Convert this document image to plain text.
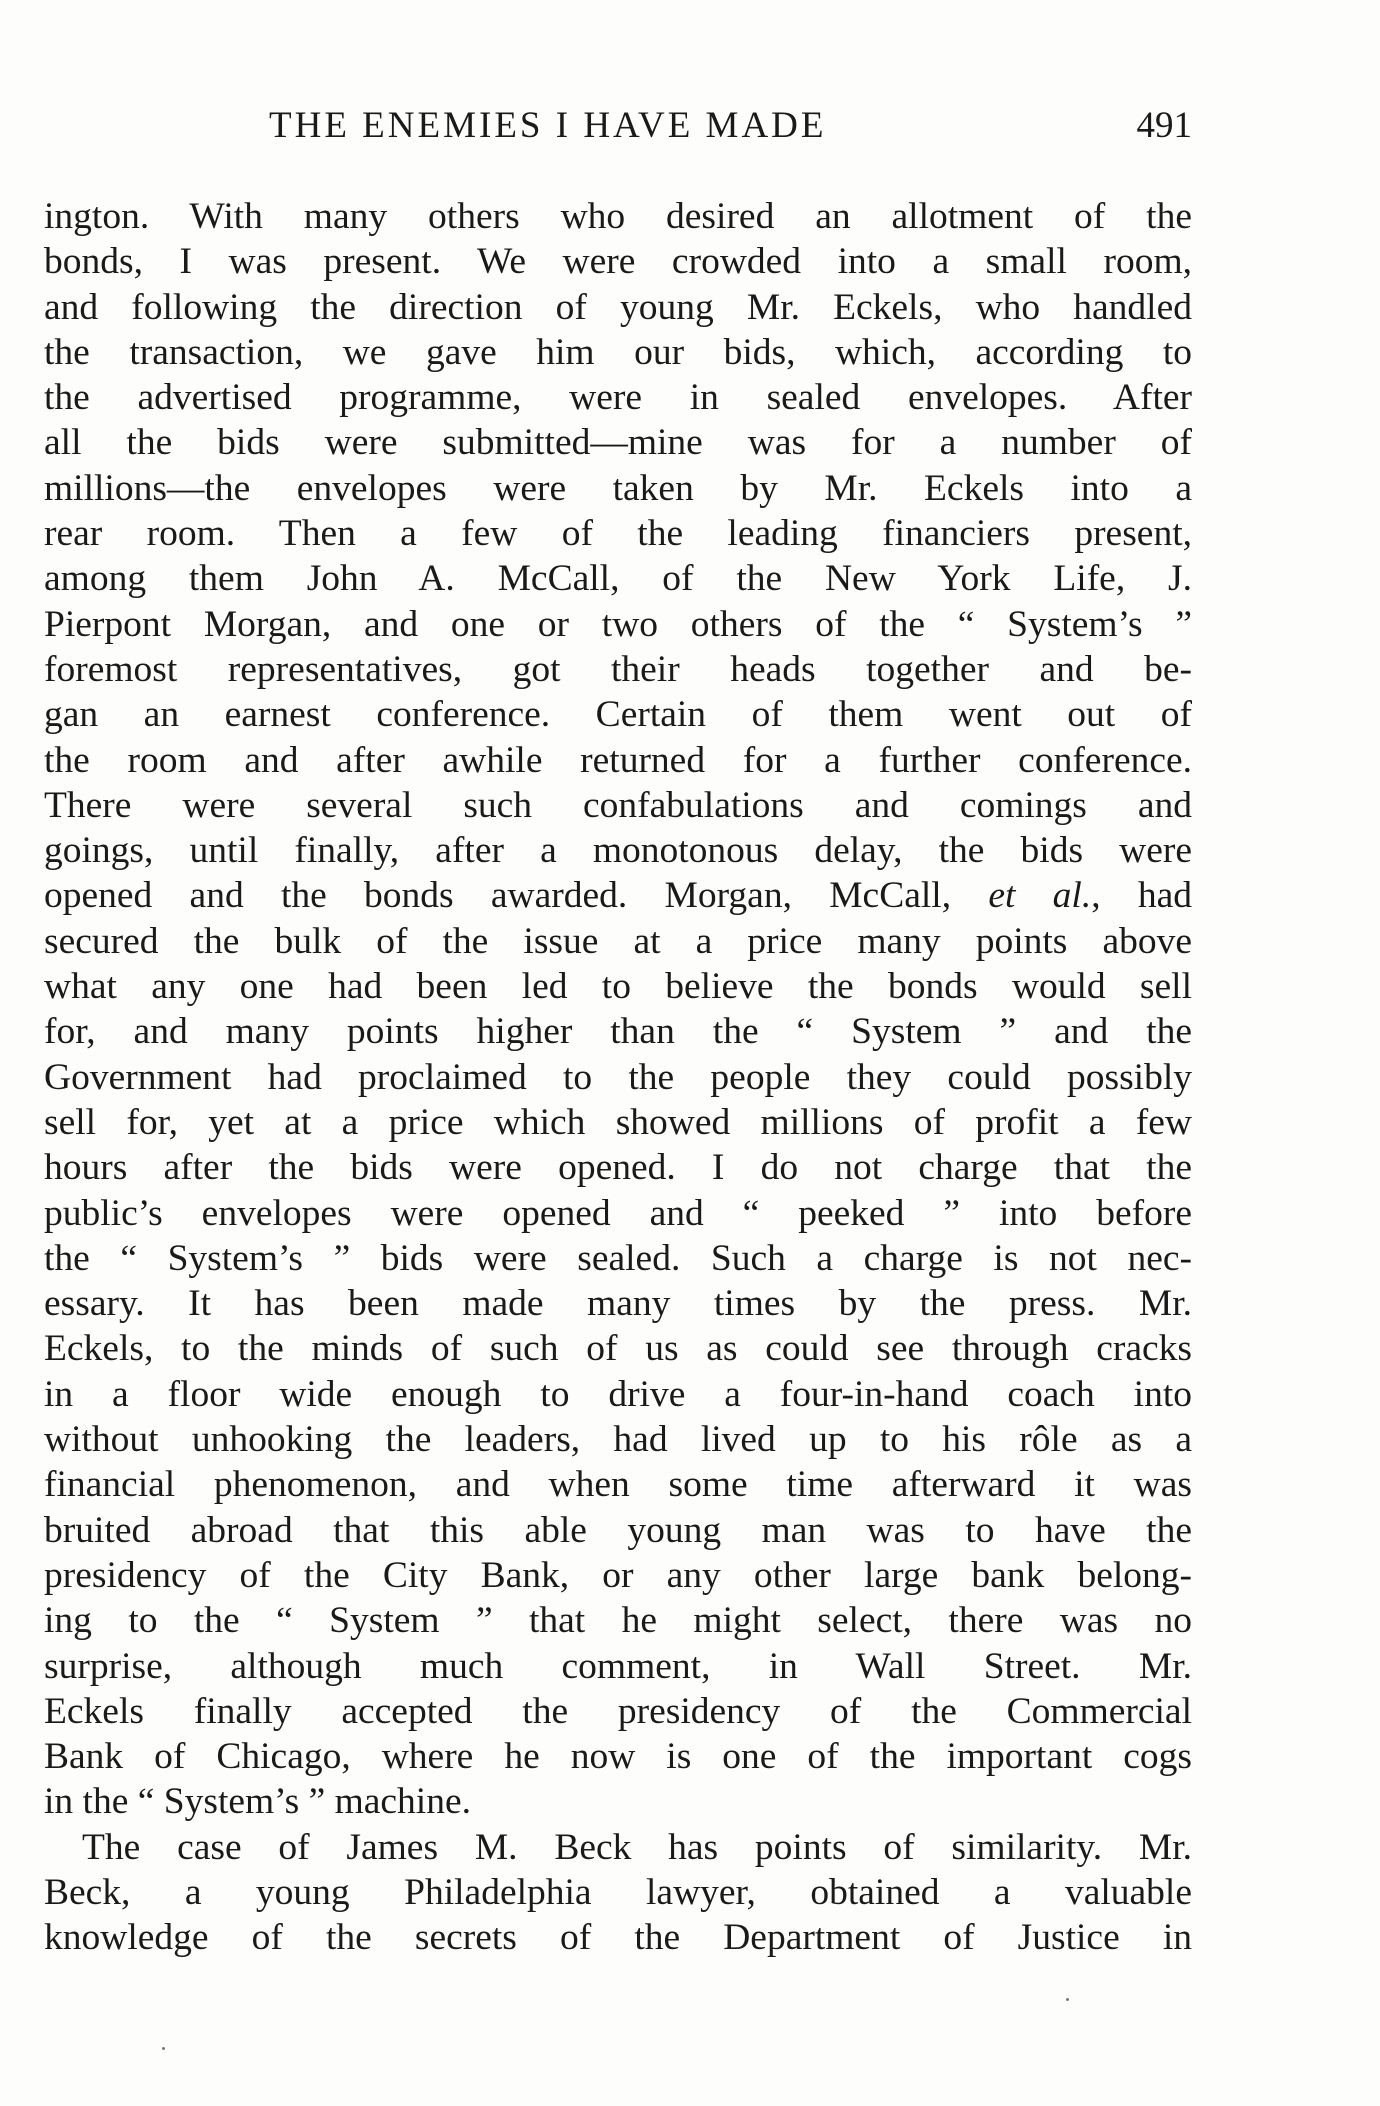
THE ENEMIES I HAVE MADE	491
ington. With many others who desired an allotment of the
bonds, I was present. We were crowded into a small room,
and following the direction of young Mr. Eckels, who handled
the transaction, we gave him our bids, which, according to
the advertised programme, were in sealed envelopes. After
all the bids were submitted—mine was for a number of
millions—the envelopes were taken by Mr. Eckels into a
rear room. Then a few of the leading financiers present,
among them John A. McCall, of the New York Life, J.
Pierpont Morgan, and one or two others of the “ System’s ”
foremost representatives, got their heads together and be-
gan an earnest conference. Certain of them went out of
the room and after awhile returned for a further conference.
There were several such confabulations and comings and
goings, until finally, after a monotonous delay, the bids were
opened and the bonds awarded. Morgan, McCall, et al., had
secured the bulk of the issue at a price many points above
what any one had been led to believe the bonds would sell
for, and many points higher than the “ System ” and the
Government had proclaimed to the people they could possibly
sell for, yet at a price which showed millions of profit a few
hours after the bids were opened. I do not charge that the
public’s envelopes were opened and “ peeked ” into before
the “ System’s ” bids were sealed. Such a charge is not nec-
essary. It has been made many times by the press. Mr.
Eckels, to the minds of such of us as could see through cracks
in a floor wide enough to drive a four-in-hand coach into
without unhooking the leaders, had lived up to his rôle as a
financial phenomenon, and when some time afterward it was
bruited abroad that this able young man was to have the
presidency of the City Bank, or any other large bank belong-
ing to the “ System ” that he might select, there was no
surprise, although much comment, in Wall Street. Mr.
Eckels finally accepted the presidency of the Commercial
Bank of Chicago, where he now is one of the important cogs
in the “ System’s ” machine.
The case of James M. Beck has points of similarity. Mr.
Beck, a young Philadelphia lawyer, obtained a valuable
knowledge of the secrets of the Department of Justice in
